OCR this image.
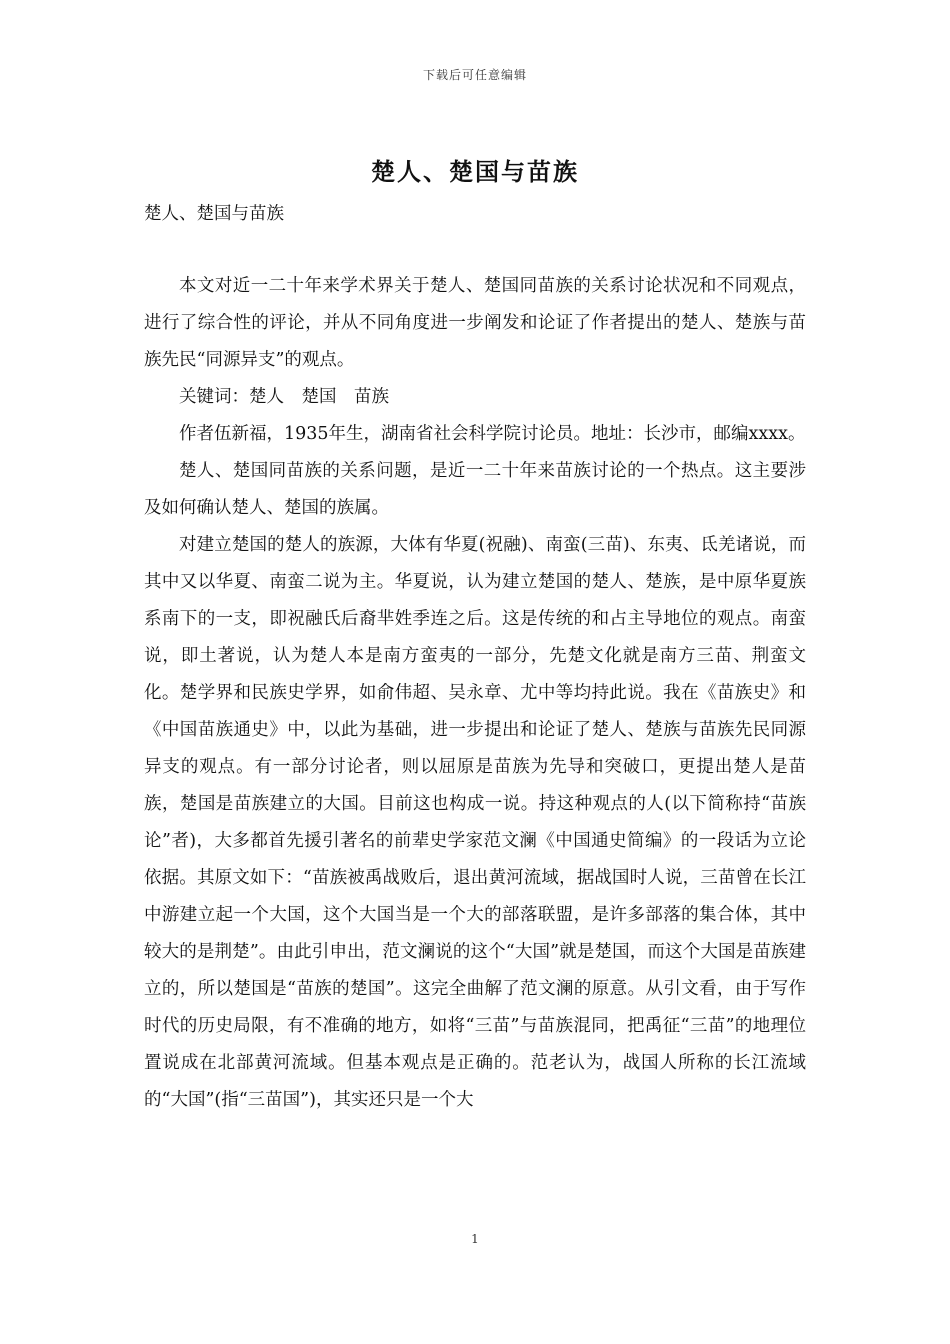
下载后可任意编辑
楚人、楚国与苗族
楚人、楚国与苗族

本文对近一二十年来学术界关于楚人、楚国同苗族的关系讨论状况和不同观点，进行了综合性的评论，并从不同角度进一步阐发和论证了作者提出的楚人、楚族与苗族先民“同源异支”的观点。

关键词：楚人　楚国　苗族

作者伍新福，1935年生，湖南省社会科学院讨论员。地址：长沙市，邮编xxxx。

楚人、楚国同苗族的关系问题，是近一二十年来苗族讨论的一个热点。这主要涉及如何确认楚人、楚国的族属。

对建立楚国的楚人的族源，大体有华夏(祝融)、南蛮(三苗)、东夷、氐羌诸说，而其中又以华夏、南蛮二说为主。华夏说，认为建立楚国的楚人、楚族，是中原华夏族系南下的一支，即祝融氏后裔芈姓季连之后。这是传统的和占主导地位的观点。南蛮说，即土著说，认为楚人本是南方蛮夷的一部分，先楚文化就是南方三苗、荆蛮文化。楚学界和民族史学界，如俞伟超、吴永章、尤中等均持此说。我在《苗族史》和《中国苗族通史》中，以此为基础，进一步提出和论证了楚人、楚族与苗族先民同源异支的观点。有一部分讨论者，则以屈原是苗族为先导和突破口，更提出楚人是苗族，楚国是苗族建立的大国。目前这也构成一说。持这种观点的人(以下简称持“苗族论”者)，大多都首先援引著名的前辈史学家范文澜《中国通史简编》的一段话为立论依据。其原文如下：“苗族被禹战败后，退出黄河流域，据战国时人说，三苗曾在长江中游建立起一个大国，这个大国当是一个大的部落联盟，是许多部落的集合体，其中较大的是荆楚”。由此引申出，范文澜说的这个“大国”就是楚国，而这个大国是苗族建立的，所以楚国是“苗族的楚国”。这完全曲解了范文澜的原意。从引文看，由于写作时代的历史局限，有不准确的地方，如将“三苗”与苗族混同，把禹征“三苗”的地理位置说成在北部黄河流域。但基本观点是正确的。范老认为，战国人所称的长江流域的“大国”(指“三苗国”)，其实还只是一个大

1
